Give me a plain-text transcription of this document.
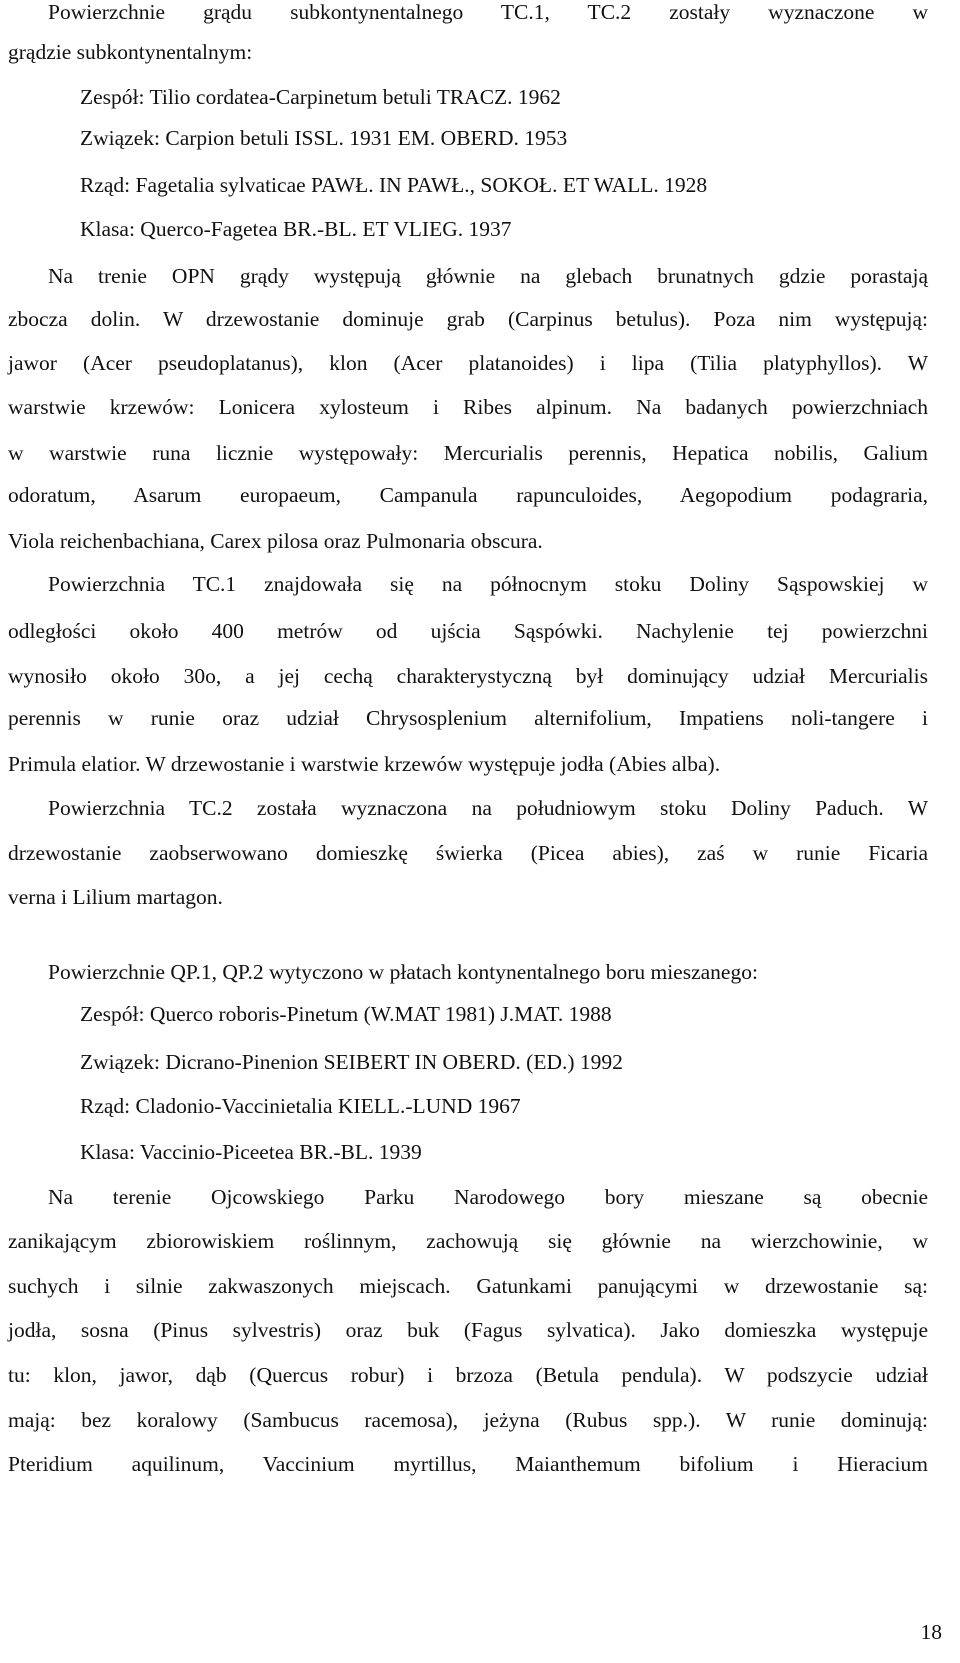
Powierzchnie grądu subkontynentalnego TC.1, TC.2 zostały wyznaczone w
grądzie subkontynentalnym:
Zespół: Tilio cordatea-Carpinetum betuli TRACZ. 1962
Związek: Carpion betuli ISSL. 1931 EM. OBERD. 1953
Rząd: Fagetalia sylvaticae PAWŁ. IN PAWŁ., SOKOŁ. ET WALL. 1928
Klasa: Querco-Fagetea BR.-BL. ET VLIEG. 1937
Na trenie OPN grądy występują głównie na glebach brunatnych gdzie porastają
zbocza dolin. W drzewostanie dominuje grab (Carpinus betulus). Poza nim występują:
jawor (Acer pseudoplatanus), klon (Acer platanoides) i lipa (Tilia platyphyllos). W
warstwie krzewów: Lonicera xylosteum i Ribes alpinum. Na badanych powierzchniach
w warstwie runa licznie występowały: Mercurialis perennis, Hepatica nobilis, Galium
odoratum, Asarum europaeum, Campanula rapunculoides, Aegopodium podagraria,
Viola reichenbachiana, Carex pilosa oraz Pulmonaria obscura.
Powierzchnia TC.1 znajdowała się na północnym stoku Doliny Sąspowskiej w
odległości około 400 metrów od ujścia Sąspówki. Nachylenie tej powierzchni
wynosiło około 30o, a jej cechą charakterystyczną był dominujący udział Mercurialis
perennis w runie oraz udział Chrysosplenium alternifolium, Impatiens noli-tangere i
Primula elatior. W drzewostanie i warstwie krzewów występuje jodła (Abies alba).
Powierzchnia TC.2 została wyznaczona na południowym stoku Doliny Paduch. W
drzewostanie zaobserwowano domieszkę świerka (Picea abies), zaś w runie Ficaria
verna i Lilium martagon.
Powierzchnie QP.1, QP.2 wytyczono w płatach kontynentalnego boru mieszanego:
Zespół: Querco roboris-Pinetum (W.MAT 1981) J.MAT. 1988
Związek: Dicrano-Pinenion SEIBERT IN OBERD. (ED.) 1992
Rząd: Cladonio-Vaccinietalia KIELL.-LUND 1967
Klasa: Vaccinio-Piceetea BR.-BL. 1939
Na terenie Ojcowskiego Parku Narodowego bory mieszane są obecnie
zanikającym zbiorowiskiem roślinnym, zachowują się głównie na wierzchowinie, w
suchych i silnie zakwaszonych miejscach. Gatunkami panującymi w drzewostanie są:
jodła, sosna (Pinus sylvestris) oraz buk (Fagus sylvatica). Jako domieszka występuje
tu: klon, jawor, dąb (Quercus robur) i brzoza (Betula pendula). W podszycie udział
mają: bez koralowy (Sambucus racemosa), jeżyna (Rubus spp.). W runie dominują:
Pteridium aquilinum, Vaccinium myrtillus, Maianthemum bifolium i Hieracium
18
